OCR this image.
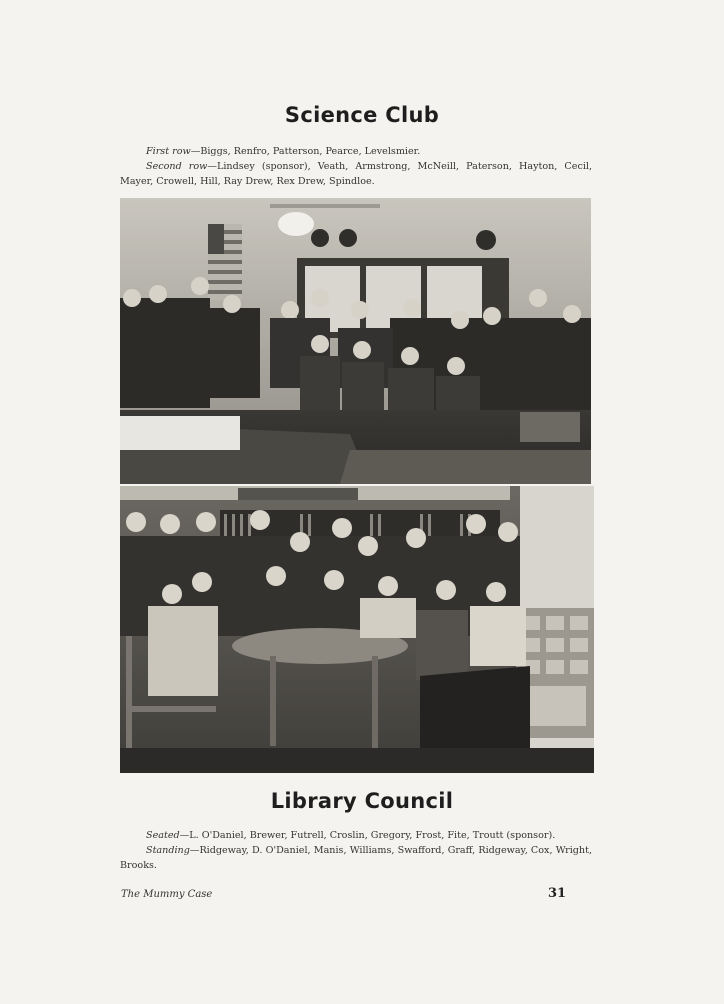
Science Club

First row—Biggs, Renfro, Patterson, Pearce, Levelsmier.

Second row—Lindsey (sponsor), Veath, Armstrong, McNeill, Paterson, Hayton, Cecil, Mayer, Crowell, Hill, Ray Drew, Rex Drew, Spindloe.

Library Council

Seated—L. O'Daniel, Brewer, Futrell, Croslin, Gregory, Frost, Fite, Troutt (sponsor).

Standing—Ridgeway, D. O'Daniel, Manis, Williams, Swafford, Graff, Ridgeway, Cox, Wright, Brooks.

The Mummy Case	31
